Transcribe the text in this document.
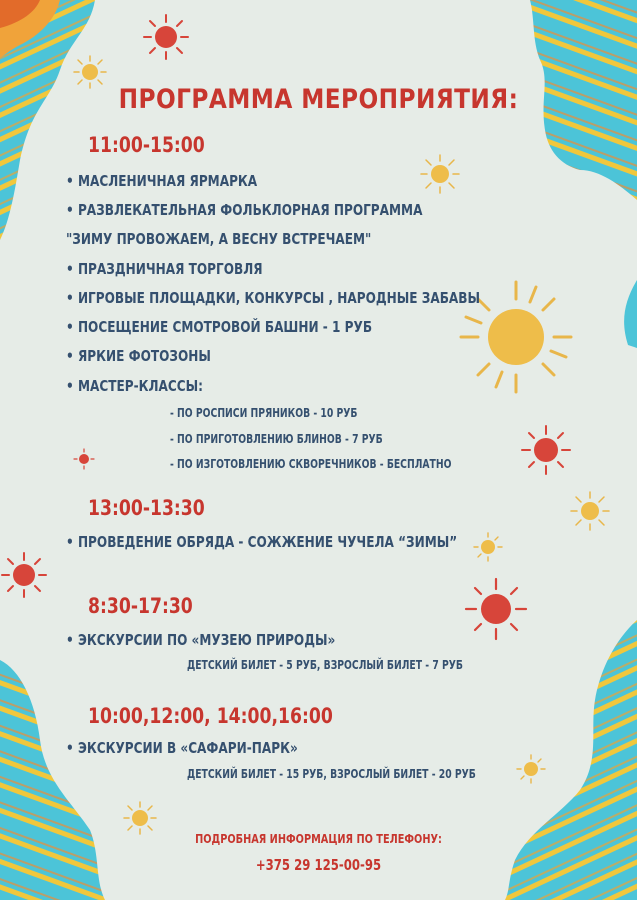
ПРОГРАММА МЕРОПРИЯТИЯ:
11:00-15:00
• МАСЛЕНИЧНАЯ ЯРМАРКА
• РАЗВЛЕКАТЕЛЬНАЯ ФОЛЬКЛОРНАЯ ПРОГРАММА
"ЗИМУ ПРОВОЖАЕМ, А ВЕСНУ ВСТРЕЧАЕМ"
• ПРАЗДНИЧНАЯ ТОРГОВЛЯ
• ИГРОВЫЕ ПЛОЩАДКИ, КОНКУРСЫ , НАРОДНЫЕ ЗАБАВЫ
• ПОСЕЩЕНИЕ СМОТРОВОЙ БАШНИ - 1 РУБ
• ЯРКИЕ ФОТОЗОНЫ
• МАСТЕР-КЛАССЫ:
- ПО РОСПИСИ ПРЯНИКОВ - 10 РУБ
- ПО ПРИГОТОВЛЕНИЮ БЛИНОВ - 7 РУБ
- ПО ИЗГОТОВЛЕНИЮ СКВОРЕЧНИКОВ - БЕСПЛАТНО
13:00-13:30
• ПРОВЕДЕНИЕ ОБРЯДА - СОЖЖЕНИЕ ЧУЧЕЛА “ЗИМЫ”
8:30-17:30
• ЭКСКУРСИИ ПО «МУЗЕЮ ПРИРОДЫ»
ДЕТСКИЙ БИЛЕТ - 5 РУБ, ВЗРОСЛЫЙ БИЛЕТ - 7 РУБ
10:00,12:00, 14:00,16:00
• ЭКСКУРСИИ В «САФАРИ-ПАРК»
ДЕТСКИЙ БИЛЕТ - 15 РУБ, ВЗРОСЛЫЙ БИЛЕТ - 20 РУБ
ПОДРОБНАЯ ИНФОРМАЦИЯ ПО ТЕЛЕФОНУ:
+375 29 125-00-95
